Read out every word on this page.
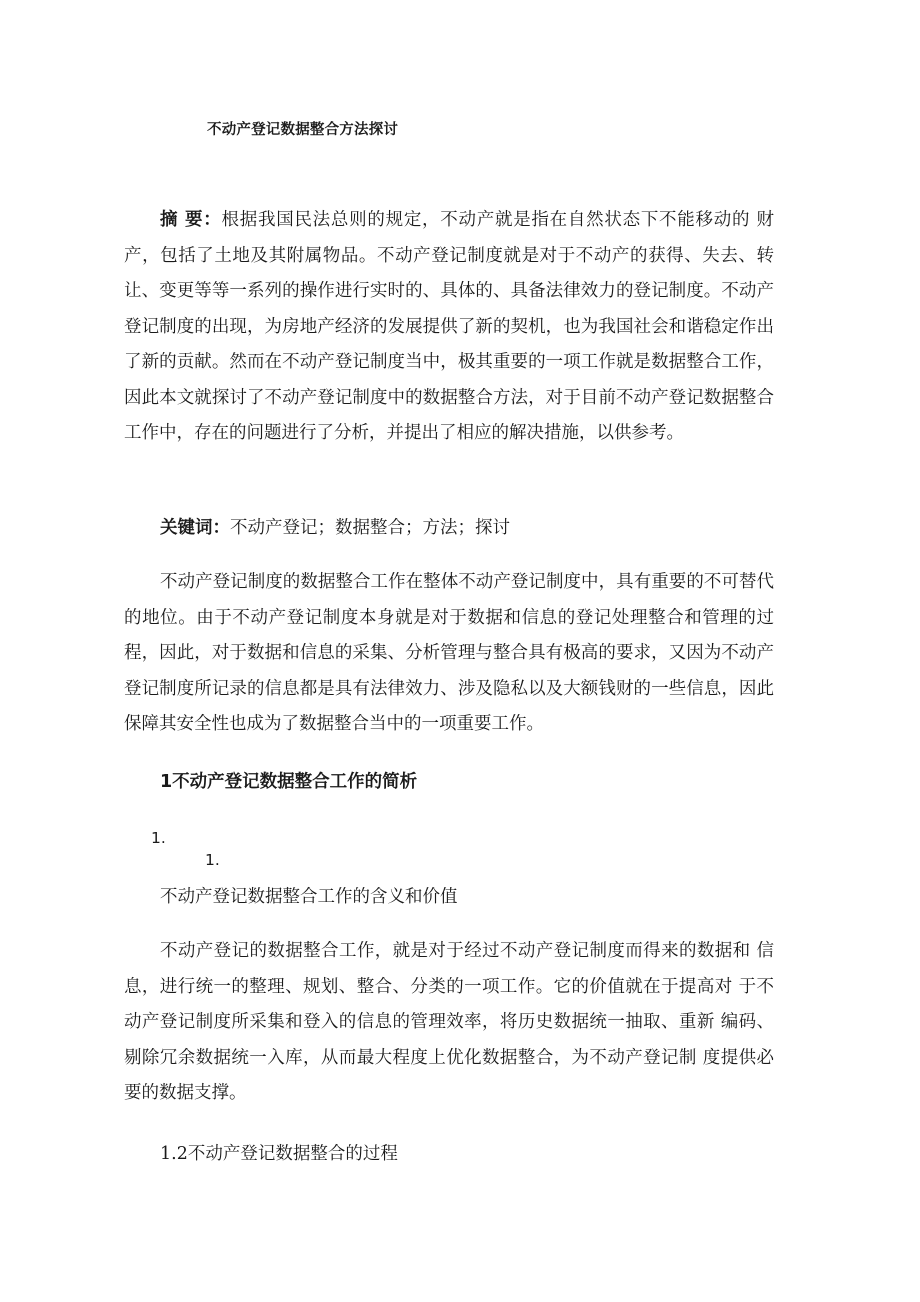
不动产登记数据整合方法探讨

摘 要：根据我国民法总则的规定，不动产就是指在自然状态下不能移动的 财产，包括了土地及其附属物品。不动产登记制度就是对于不动产的获得、失去、转让、变更等等一系列的操作进行实时的、具体的、具备法律效力的登记制度。不动产登记制度的出现，为房地产经济的发展提供了新的契机，也为我国社会和谐稳定作出了新的贡献。然而在不动产登记制度当中，极其重要的一项工作就是数据整合工作，因此本文就探讨了不动产登记制度中的数据整合方法，对于目前不动产登记数据整合工作中，存在的问题进行了分析，并提出了相应的解决措施，以供参考。

关键词：不动产登记；数据整合；方法；探讨

不动产登记制度的数据整合工作在整体不动产登记制度中，具有重要的不可替代的地位。由于不动产登记制度本身就是对于数据和信息的登记处理整合和管理的过程，因此，对于数据和信息的采集、分析管理与整合具有极高的要求，又因为不动产登记制度所记录的信息都是具有法律效力、涉及隐私以及大额钱财的一些信息，因此保障其安全性也成为了数据整合当中的一项重要工作。

1不动产登记数据整合工作的简析

1.

1.

不动产登记数据整合工作的含义和价值

不动产登记的数据整合工作，就是对于经过不动产登记制度而得来的数据和 信息，进行统一的整理、规划、整合、分类的一项工作。它的价值就在于提高对 于不动产登记制度所采集和登入的信息的管理效率，将历史数据统一抽取、重新 编码、剔除冗余数据统一入库，从而最大程度上优化数据整合，为不动产登记制 度提供必要的数据支撑。

1.2不动产登记数据整合的过程
